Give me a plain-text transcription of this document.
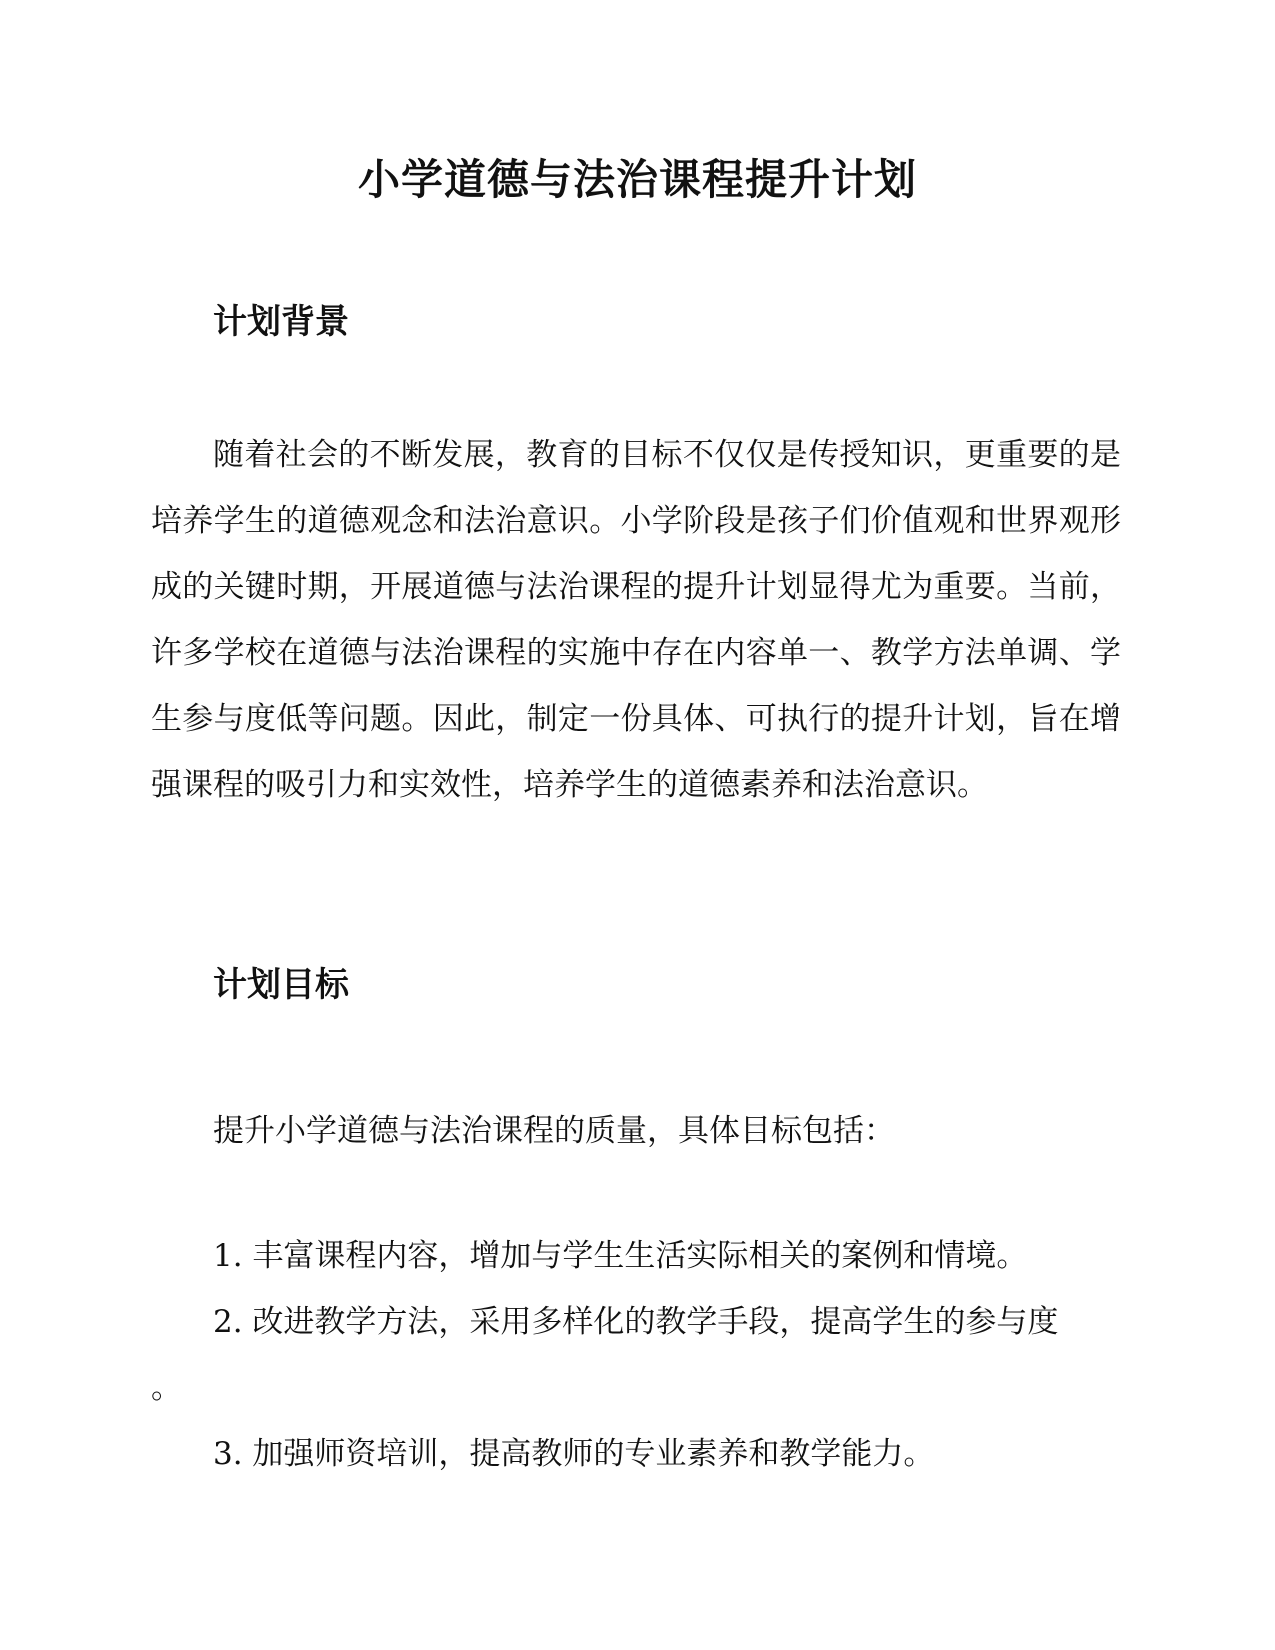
小学道德与法治课程提升计划
计划背景

随着社会的不断发展，教育的目标不仅仅是传授知识，更重要的是培养学生的道德观念和法治意识。小学阶段是孩子们价值观和世界观形成的关键时期，开展道德与法治课程的提升计划显得尤为重要。当前，许多学校在道德与法治课程的实施中存在内容单一、教学方法单调、学生参与度低等问题。因此，制定一份具体、可执行的提升计划，旨在增强课程的吸引力和实效性，培养学生的道德素养和法治意识。

计划目标

提升小学道德与法治课程的质量，具体目标包括：

1. 丰富课程内容，增加与学生生活实际相关的案例和情境。
2. 改进教学方法，采用多样化的教学手段，提高学生的参与度
。
3. 加强师资培训，提高教师的专业素养和教学能力。
